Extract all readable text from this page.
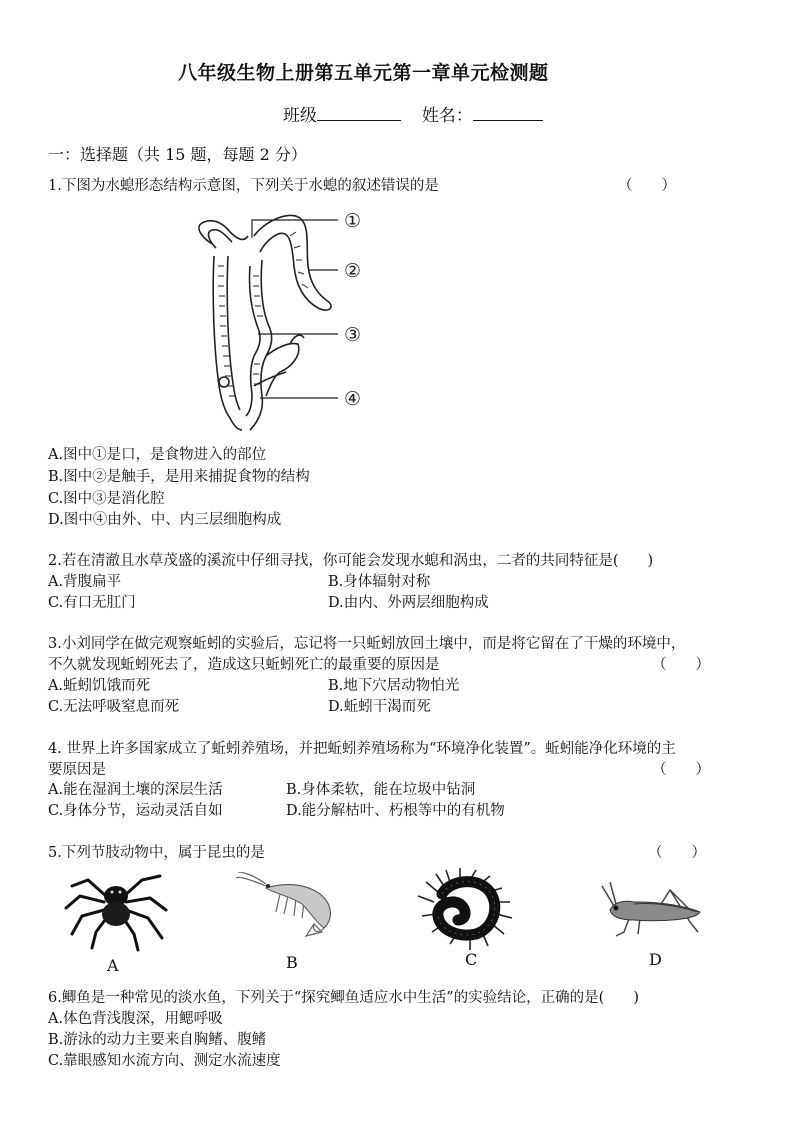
八年级生物上册第五单元第一章单元检测题
班级	姓名：
一：选择题（共 15 题，每题 2 分）
1.下图为水螅形态结构示意图，下列关于水螅的叙述错误的是	（　　）
①
②
③
④
A.图中①是口，是食物进入的部位
B.图中②是触手，是用来捕捉食物的结构
C.图中③是消化腔
D.图中④由外、中、内三层细胞构成
2.若在清澈且水草茂盛的溪流中仔细寻找，你可能会发现水螅和涡虫，二者的共同特征是(　　)
A.背腹扁平	B.身体辐射对称
C.有口无肛门	D.由内、外两层细胞构成
3.小刘同学在做完观察蚯蚓的实验后，忘记将一只蚯蚓放回土壤中，而是将它留在了干燥的环境中，
不久就发现蚯蚓死去了，造成这只蚯蚓死亡的最重要的原因是	（　　）
A.蚯蚓饥饿而死	B.地下穴居动物怕光
C.无法呼吸窒息而死	D.蚯蚓干渴而死
4. 世界上许多国家成立了蚯蚓养殖场，并把蚯蚓养殖场称为“环境净化装置”。蚯蚓能净化环境的主
要原因是	（　　）
A.能在湿润土壤的深层生活	B.身体柔软，能在垃圾中钻洞
C.身体分节，运动灵活自如	D.能分解枯叶、朽根等中的有机物
5.下列节肢动物中，属于昆虫的是	（　　）
A	B	C	D
6.鲫鱼是一种常见的淡水鱼，下列关于“探究鲫鱼适应水中生活”的实验结论，正确的是(　　)
A.体色背浅腹深，用鳃呼吸
B.游泳的动力主要来自胸鳍、腹鳍
C.靠眼感知水流方向、测定水流速度
